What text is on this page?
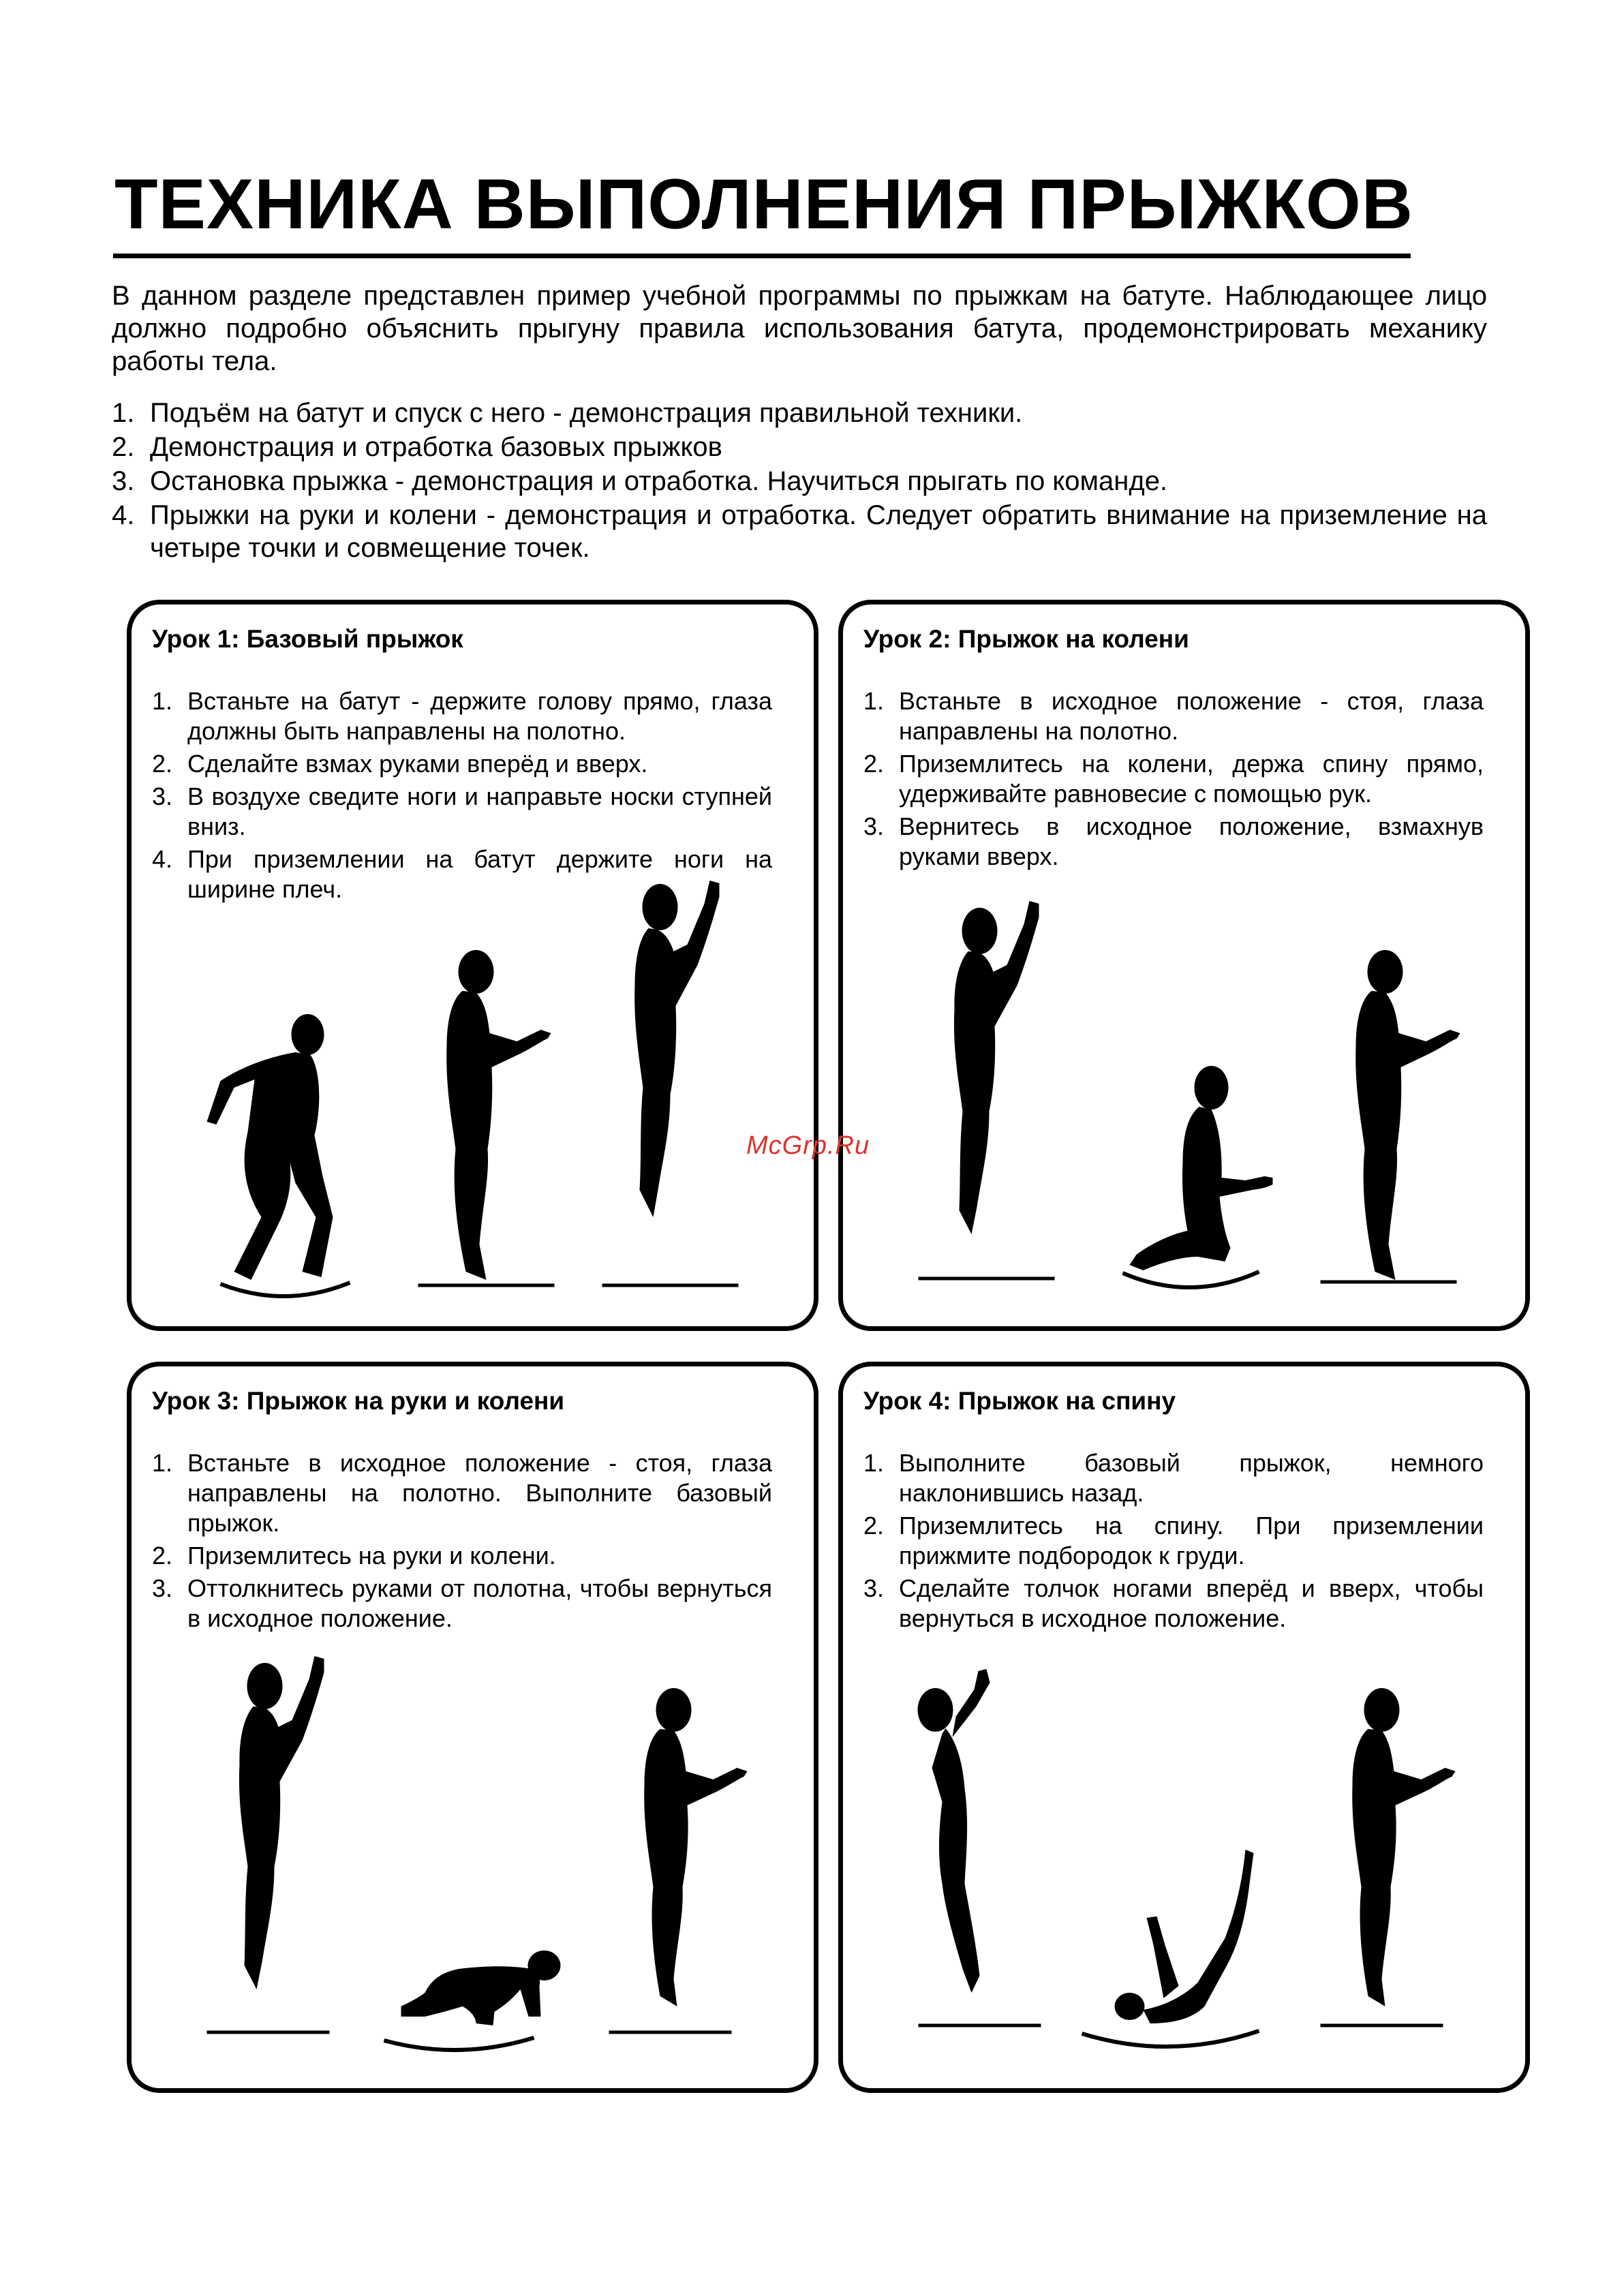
ТЕХНИКА ВЫПОЛНЕНИЯ ПРЫЖКОВ

В данном разделе представлен пример учебной программы по прыжкам на батуте. Наблюдающее лицо должно подробно объяснить прыгуну правила использования батута, продемонстрировать механику работы тела.

1. Подъём на батут и спуск с него - демонстрация правильной техники.
2. Демонстрация и отработка базовых прыжков
3. Остановка прыжка - демонстрация и отработка. Научиться прыгать по команде.
4. Прыжки на руки и колени - демонстрация и отработка. Следует обратить внимание на приземление на четыре точки и совмещение точек.
Урок 1: Базовый прыжок
1. Встаньте на батут - держите голову прямо, глаза должны быть направлены на полотно.
2. Сделайте взмах руками вперёд и вверх.
3. В воздухе сведите ноги и направьте носки ступней вниз.
4. При приземлении на батут держите ноги на ширине плеч.
Урок 2: Прыжок на колени
1. Встаньте в исходное положение - стоя, глаза направлены на полотно.
2. Приземлитесь на колени, держа спину прямо, удерживайте равновесие с помощью рук.
3. Вернитесь в исходное положение, взмахнув руками вверх.
Урок 3: Прыжок на руки и колени
1. Встаньте в исходное положение - стоя, глаза направлены на полотно. Выполните базовый прыжок.
2. Приземлитесь на руки и колени.
3. Оттолкнитесь руками от полотна, чтобы вернуться в исходное положение.
Урок 4: Прыжок на спину
1. Выполните базовый прыжок, немного наклонившись назад.
2. Приземлитесь на спину. При приземлении прижмите подбородок к груди.
3. Сделайте толчок ногами вперёд и вверх, чтобы вернуться в исходное положение.
McGrp.Ru
